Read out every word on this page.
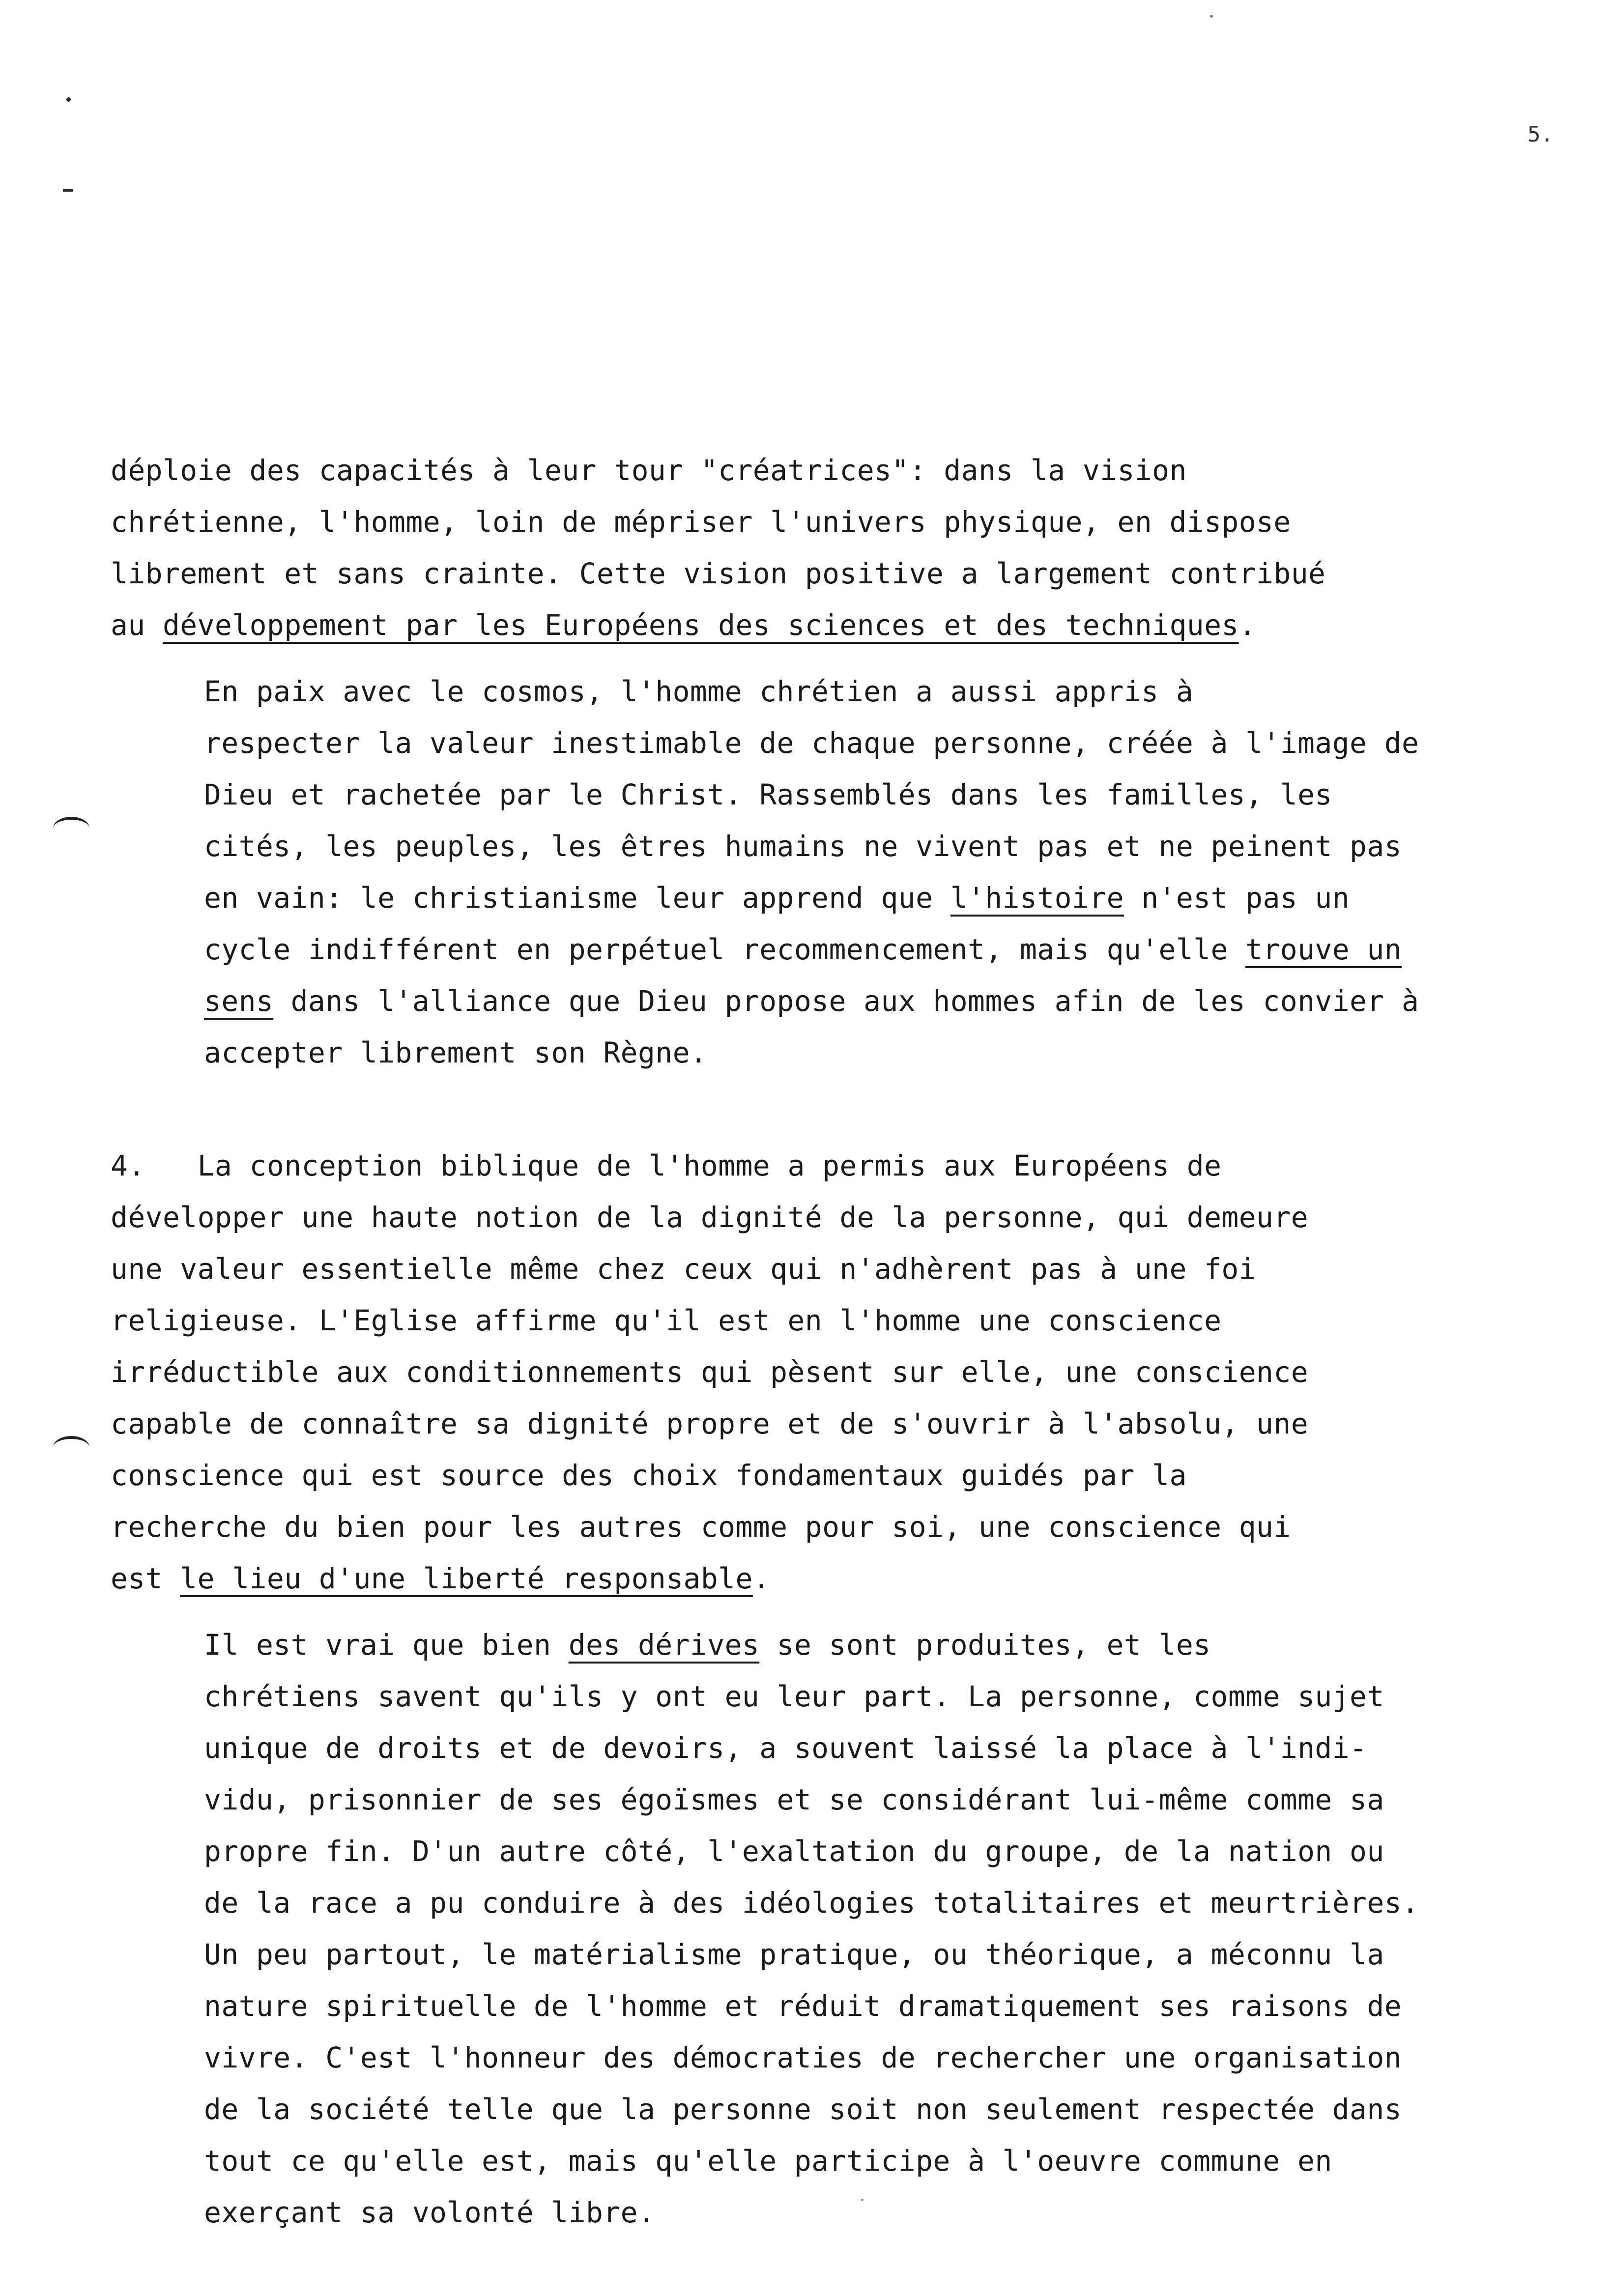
5.

déploie des capacités à leur tour "créatrices": dans la vision
chrétienne, l'homme, loin de mépriser l'univers physique, en dispose
librement et sans crainte. Cette vision positive a largement contribué
au développement par les Européens des sciences et des techniques.

En paix avec le cosmos, l'homme chrétien a aussi appris à
respecter la valeur inestimable de chaque personne, créée à l'image de
Dieu et rachetée par le Christ. Rassemblés dans les familles, les
cités, les peuples, les êtres humains ne vivent pas et ne peinent pas
en vain: le christianisme leur apprend que l'histoire n'est pas un
cycle indifférent en perpétuel recommencement, mais qu'elle trouve un
sens dans l'alliance que Dieu propose aux hommes afin de les convier à
accepter librement son Règne.

4.   La conception biblique de l'homme a permis aux Européens de
développer une haute notion de la dignité de la personne, qui demeure
une valeur essentielle même chez ceux qui n'adhèrent pas à une foi
religieuse. L'Eglise affirme qu'il est en l'homme une conscience
irréductible aux conditionnements qui pèsent sur elle, une conscience
capable de connaître sa dignité propre et de s'ouvrir à l'absolu, une
conscience qui est source des choix fondamentaux guidés par la
recherche du bien pour les autres comme pour soi, une conscience qui
est le lieu d'une liberté responsable.

Il est vrai que bien des dérives se sont produites, et les
chrétiens savent qu'ils y ont eu leur part. La personne, comme sujet
unique de droits et de devoirs, a souvent laissé la place à l'indi-
vidu, prisonnier de ses égoïsmes et se considérant lui-même comme sa
propre fin. D'un autre côté, l'exaltation du groupe, de la nation ou
de la race a pu conduire à des idéologies totalitaires et meurtrières.
Un peu partout, le matérialisme pratique, ou théorique, a méconnu la
nature spirituelle de l'homme et réduit dramatiquement ses raisons de
vivre. C'est l'honneur des démocraties de rechercher une organisation
de la société telle que la personne soit non seulement respectée dans
tout ce qu'elle est, mais qu'elle participe à l'oeuvre commune en
exerçant sa volonté libre.
